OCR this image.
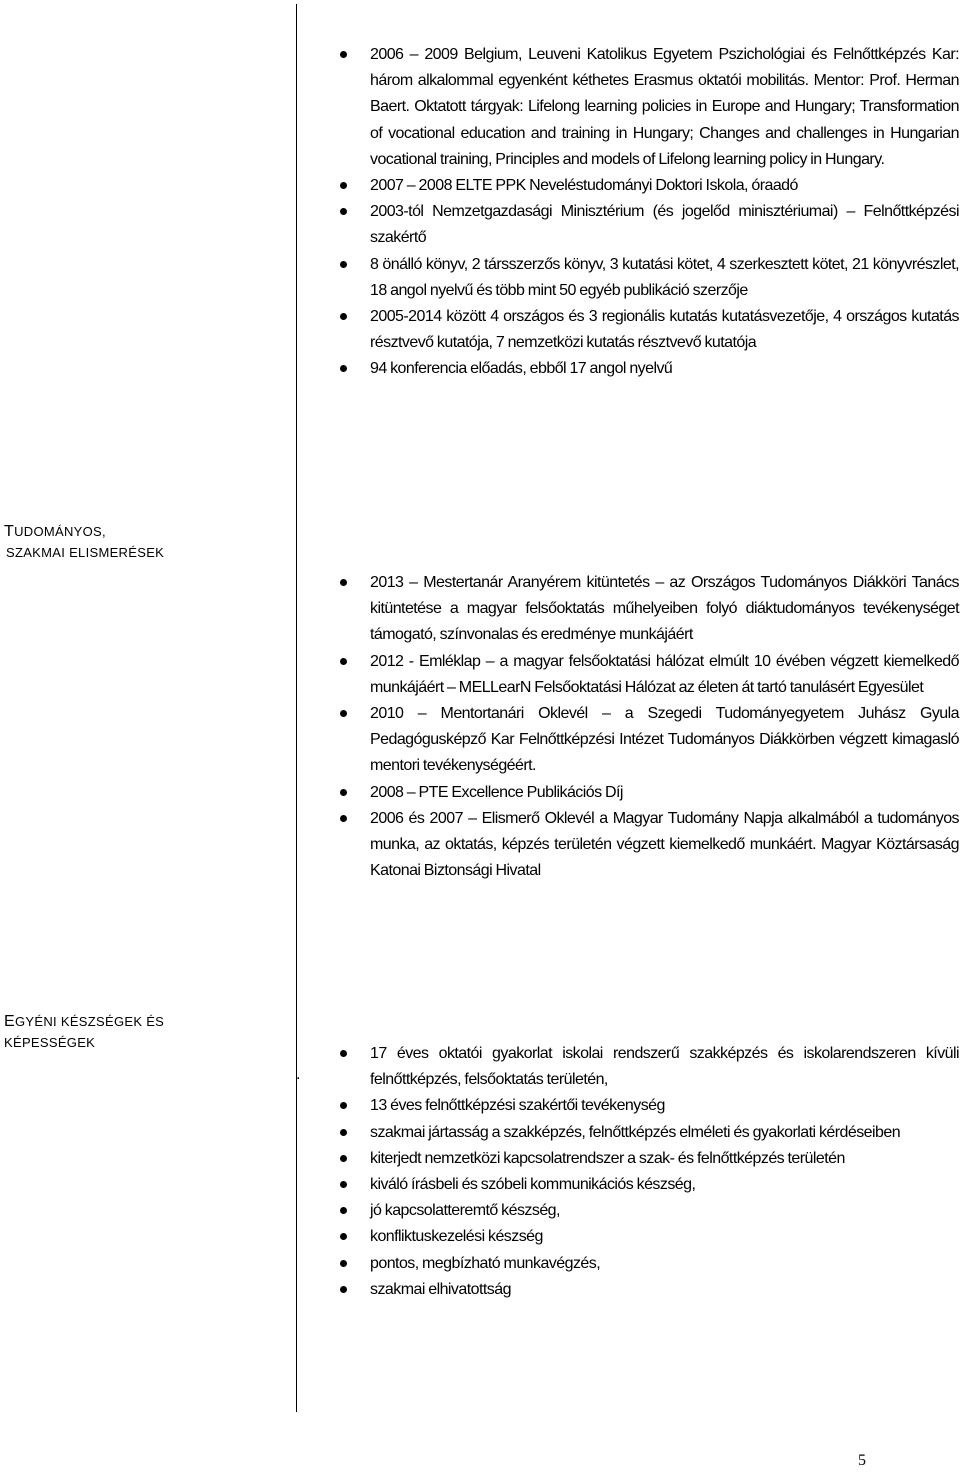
2006 – 2009 Belgium, Leuveni Katolikus Egyetem Pszichológiai és Felnőttképzés Kar: három alkalommal egyenként kéthetes Erasmus oktatói mobilitás. Mentor: Prof. Herman Baert. Oktatott tárgyak: Lifelong learning policies in Europe and Hungary; Transformation of vocational education and training in Hungary; Changes and challenges in Hungarian vocational training, Principles and models of Lifelong learning policy in Hungary.
2007 – 2008 ELTE PPK Neveléstudományi Doktori Iskola, óraadó
2003-tól Nemzetgazdasági Minisztérium (és jogelőd minisztériumai) – Felnőttképzési szakértő
8 önálló könyv, 2 társszerzős könyv, 3 kutatási kötet, 4 szerkesztett kötet, 21 könyvrészlet, 18 angol nyelvű és több mint 50 egyéb publikáció szerzője
2005-2014 között 4 országos és 3 regionális kutatás kutatásvezetője, 4 országos kutatás résztvevő kutatója, 7 nemzetközi kutatás résztvevő kutatója
94 konferencia előadás, ebből 17 angol nyelvű
TUDOMÁNYOS,
SZAKMAI ELISMERÉSEK
2013 – Mestertanár Aranyérem kitüntetés – az Országos Tudományos Diákköri Tanács kitüntetése a magyar felsőoktatás műhelyeiben folyó diáktudományos tevékenységet támogató, színvonalas és eredménye munkájáért
2012 - Emléklap – a magyar felsőoktatási hálózat elmúlt 10 évében végzett kiemelkedő munkájáért – MELLearN Felsőoktatási Hálózat az életen át tartó tanulásért Egyesület
2010 – Mentortanári Oklevél – a Szegedi Tudományegyetem Juhász Gyula Pedagógusképző Kar Felnőttképzési Intézet Tudományos Diákkörben végzett kimagasló mentori tevékenységéért.
2008 – PTE Excellence Publikációs Díj
2006 és 2007 – Elismerő Oklevél a Magyar Tudomány Napja alkalmából a tudományos munka, az oktatás, képzés területén végzett kiemelkedő munkáért. Magyar Köztársaság Katonai Biztonsági Hivatal
EGYÉNI KÉSZSÉGEK ÉS
KÉPESSÉGEK
.
17 éves oktatói gyakorlat iskolai rendszerű szakképzés és iskolarendszeren kívüli felnőttképzés, felsőoktatás területén,
13 éves felnőttképzési szakértői tevékenység
szakmai jártasság a szakképzés, felnőttképzés elméleti és gyakorlati kérdéseiben
kiterjedt nemzetközi kapcsolatrendszer a szak- és felnőttképzés területén
kiváló írásbeli és szóbeli kommunikációs készség,
jó kapcsolatteremtő készség,
konfliktuskezelési készség
pontos, megbízható munkavégzés,
szakmai elhivatottság
5
